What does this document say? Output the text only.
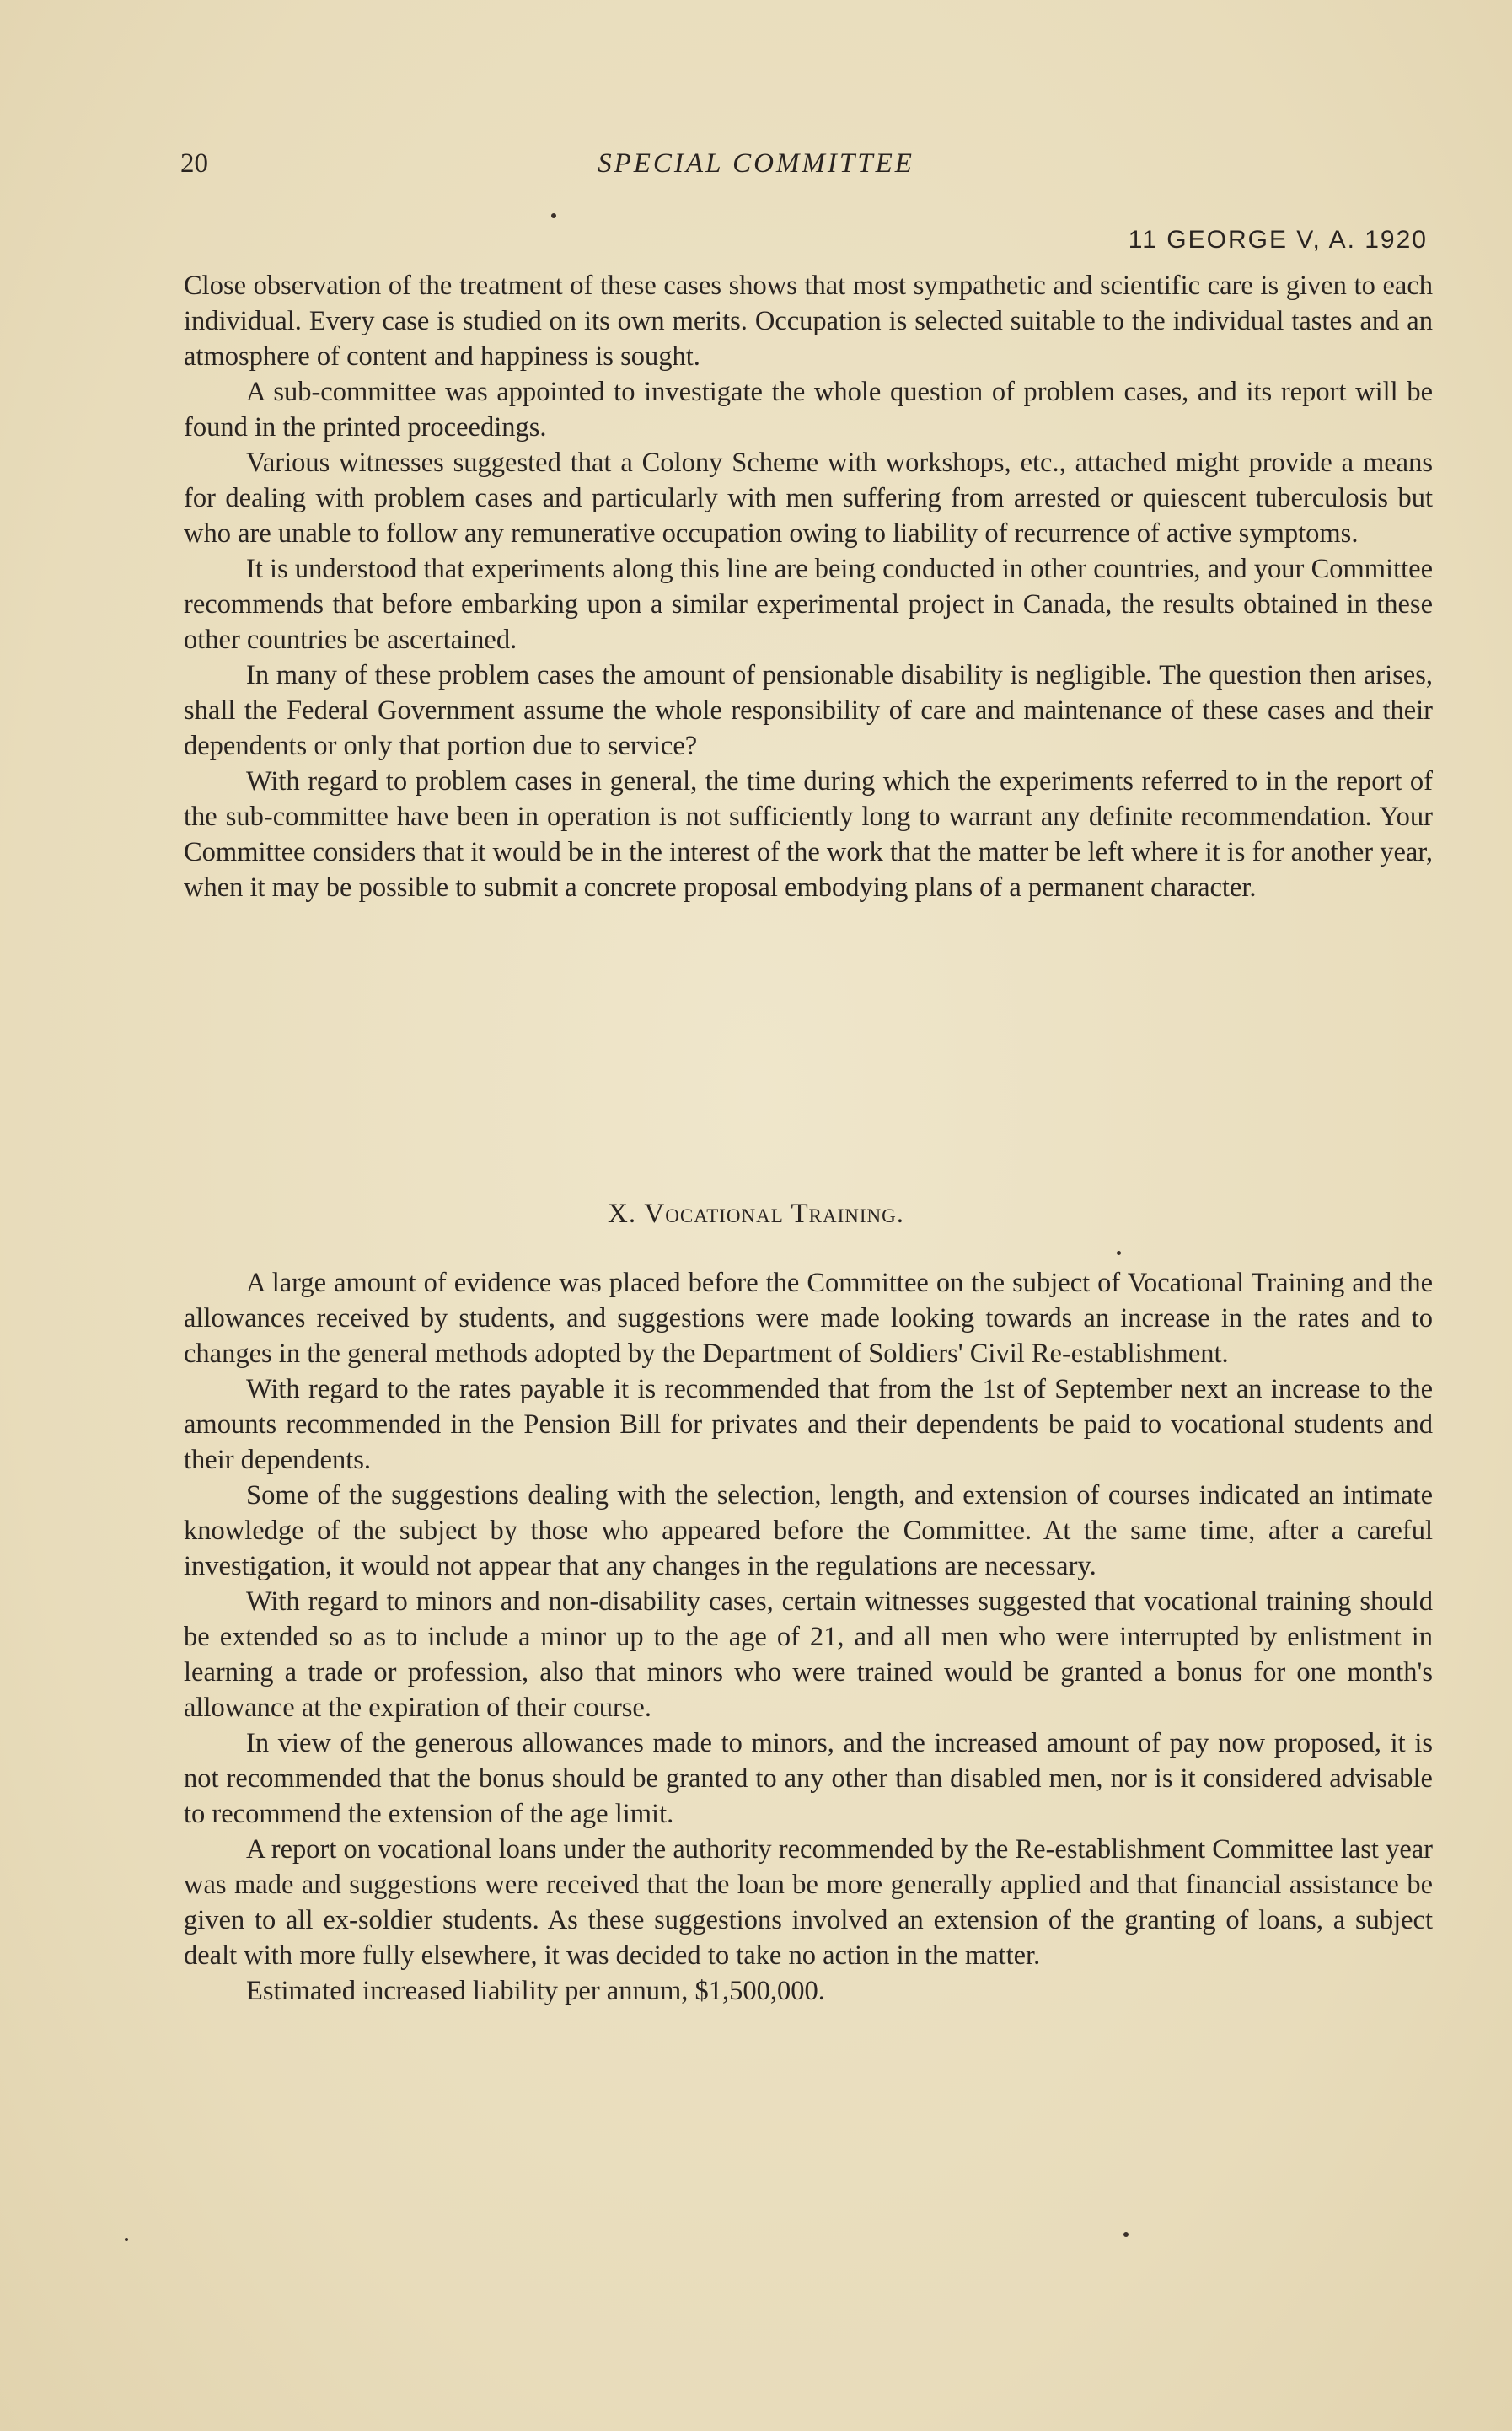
20	SPECIAL COMMITTEE
11 GEORGE V, A. 1920

Close observation of the treatment of these cases shows that most sympathetic and scientific care is given to each individual. Every case is studied on its own merits. Occupation is selected suitable to the individual tastes and an atmosphere of content and happiness is sought.

A sub-committee was appointed to investigate the whole question of problem cases, and its report will be found in the printed proceedings.

Various witnesses suggested that a Colony Scheme with workshops, etc., attached might provide a means for dealing with problem cases and particularly with men suffering from arrested or quiescent tuberculosis but who are unable to follow any remunerative occupation owing to liability of recurrence of active symptoms.

It is understood that experiments along this line are being conducted in other countries, and your Committee recommends that before embarking upon a similar experimental project in Canada, the results obtained in these other countries be ascertained.

In many of these problem cases the amount of pensionable disability is negligible. The question then arises, shall the Federal Government assume the whole responsibility of care and maintenance of these cases and their dependents or only that portion due to service?

With regard to problem cases in general, the time during which the experiments referred to in the report of the sub-committee have been in operation is not sufficiently long to warrant any definite recommendation. Your Committee considers that it would be in the interest of the work that the matter be left where it is for another year, when it may be possible to submit a concrete proposal embodying plans of a permanent character.

X. Vocational Training.

A large amount of evidence was placed before the Committee on the subject of Vocational Training and the allowances received by students, and suggestions were made looking towards an increase in the rates and to changes in the general methods adopted by the Department of Soldiers' Civil Re-establishment.

With regard to the rates payable it is recommended that from the 1st of September next an increase to the amounts recommended in the Pension Bill for privates and their dependents be paid to vocational students and their dependents.

Some of the suggestions dealing with the selection, length, and extension of courses indicated an intimate knowledge of the subject by those who appeared before the Committee. At the same time, after a careful investigation, it would not appear that any changes in the regulations are necessary.

With regard to minors and non-disability cases, certain witnesses suggested that vocational training should be extended so as to include a minor up to the age of 21, and all men who were interrupted by enlistment in learning a trade or profession, also that minors who were trained would be granted a bonus for one month's allowance at the expiration of their course.

In view of the generous allowances made to minors, and the increased amount of pay now proposed, it is not recommended that the bonus should be granted to any other than disabled men, nor is it considered advisable to recommend the extension of the age limit.

A report on vocational loans under the authority recommended by the Re-establishment Committee last year was made and suggestions were received that the loan be more generally applied and that financial assistance be given to all ex-soldier students. As these suggestions involved an extension of the granting of loans, a subject dealt with more fully elsewhere, it was decided to take no action in the matter.

Estimated increased liability per annum, $1,500,000.
